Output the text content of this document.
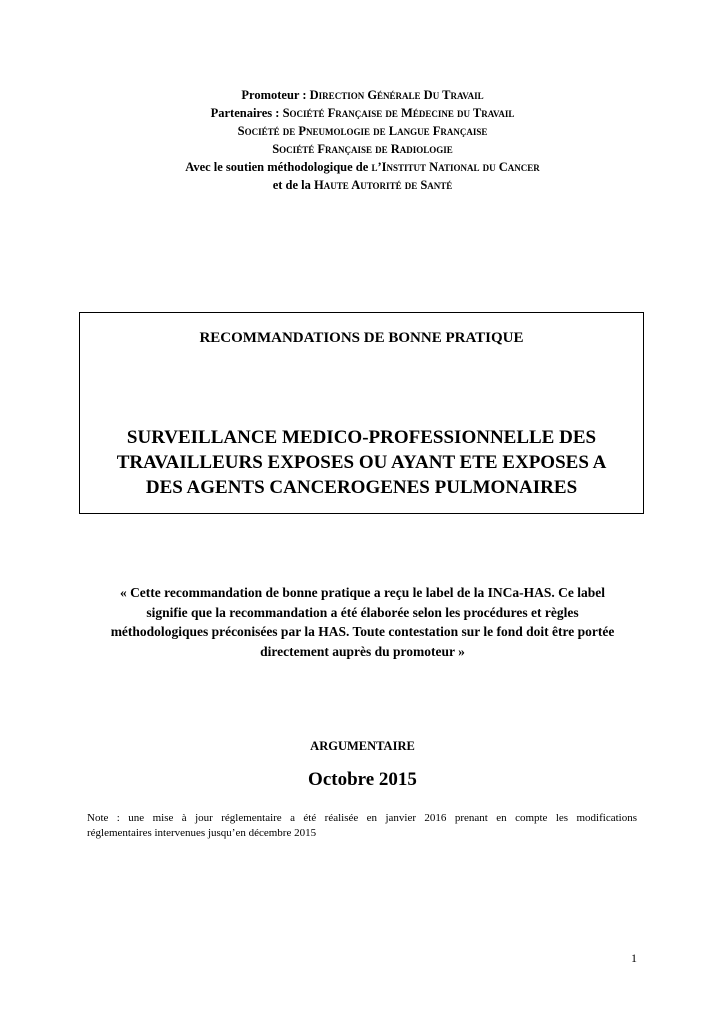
Promoteur : Direction Générale Du Travail
Partenaires : Société Française de Médecine du Travail
Société de Pneumologie de Langue Française
Société Française de Radiologie
Avec le soutien méthodologique de l’Institut National du Cancer
et de la Haute Autorité de Santé
RECOMMANDATIONS DE BONNE PRATIQUE
SURVEILLANCE MEDICO-PROFESSIONNELLE DES
TRAVAILLEURS EXPOSES OU AYANT ETE EXPOSES A
DES AGENTS CANCEROGENES PULMONAIRES
« Cette recommandation de bonne pratique a reçu le label de la INCa-HAS. Ce label
signifie que la recommandation a été élaborée selon les procédures et règles
méthodologiques préconisées par la HAS. Toute contestation sur le fond doit être portée
directement auprès du promoteur »
ARGUMENTAIRE
Octobre 2015
Note : une mise à jour réglementaire a été réalisée en janvier 2016 prenant en compte les modifications
réglementaires intervenues jusqu’en décembre 2015
1
